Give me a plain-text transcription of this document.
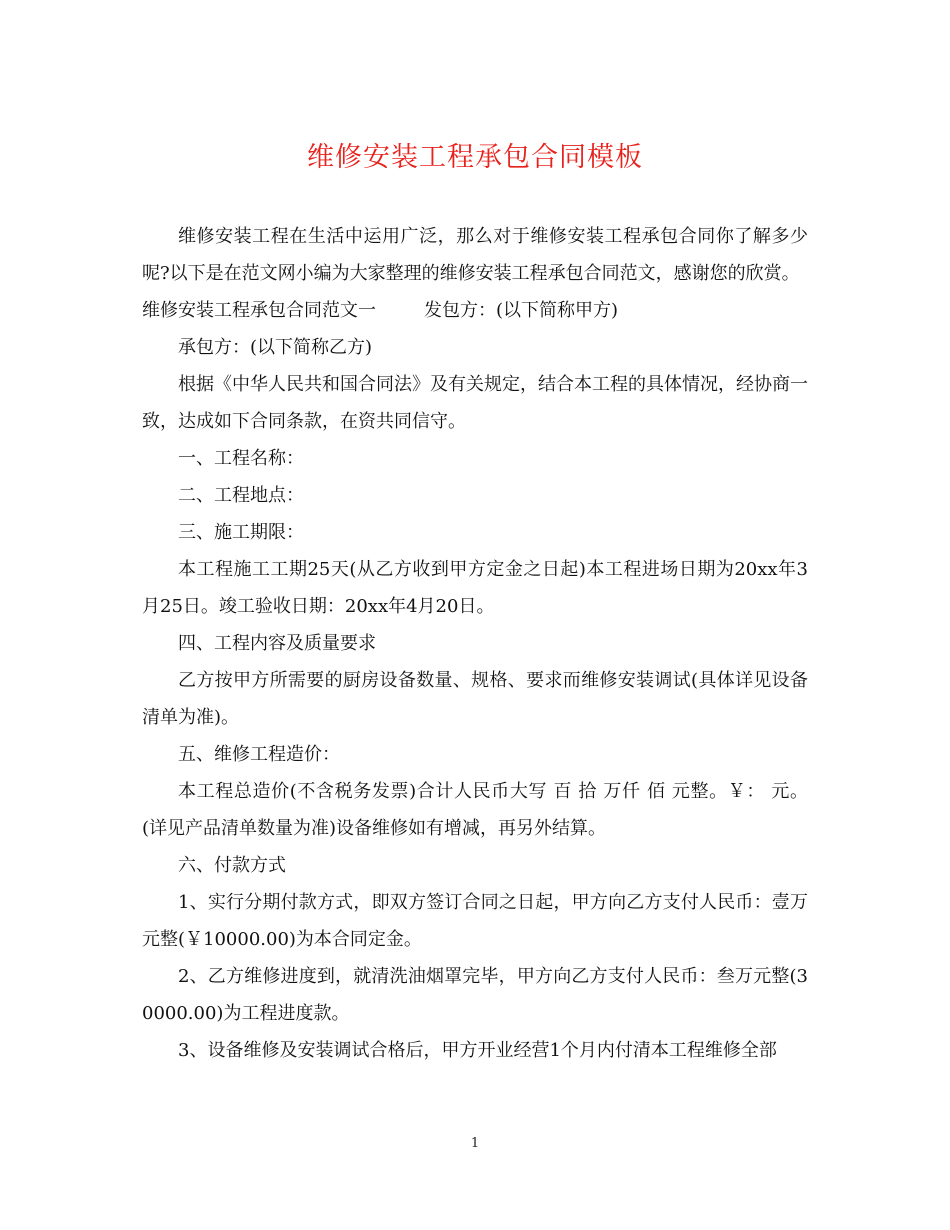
维修安装工程承包合同模板

维修安装工程在生活中运用广泛，那么对于维修安装工程承包合同你了解多少呢?以下是在范文网小编为大家整理的维修安装工程承包合同范文，感谢您的欣赏。

维修安装工程承包合同范文一	发包方：(以下简称甲方)

承包方：(以下简称乙方)

根据《中华人民共和国合同法》及有关规定，结合本工程的具体情况，经协商一致，达成如下合同条款，在资共同信守。

一、工程名称：

二、工程地点：

三、施工期限：

本工程施工工期25天(从乙方收到甲方定金之日起)本工程进场日期为20xx年3月25日。竣工验收日期：20xx年4月20日。

四、工程内容及质量要求

乙方按甲方所需要的厨房设备数量、规格、要求而维修安装调试(具体详见设备清单为准)。

五、维修工程造价：

本工程总造价(不含税务发票)合计人民币大写 百 拾 万仟 佰 元整。￥： 元。(详见产品清单数量为准)设备维修如有增减，再另外结算。

六、付款方式

1、实行分期付款方式，即双方签订合同之日起，甲方向乙方支付人民币：壹万元整(￥10000.00)为本合同定金。

2、乙方维修进度到，就清洗油烟罩完毕，甲方向乙方支付人民币：叁万元整(30000.00)为工程进度款。

3、设备维修及安装调试合格后，甲方开业经营1个月内付清本工程维修全部

1
